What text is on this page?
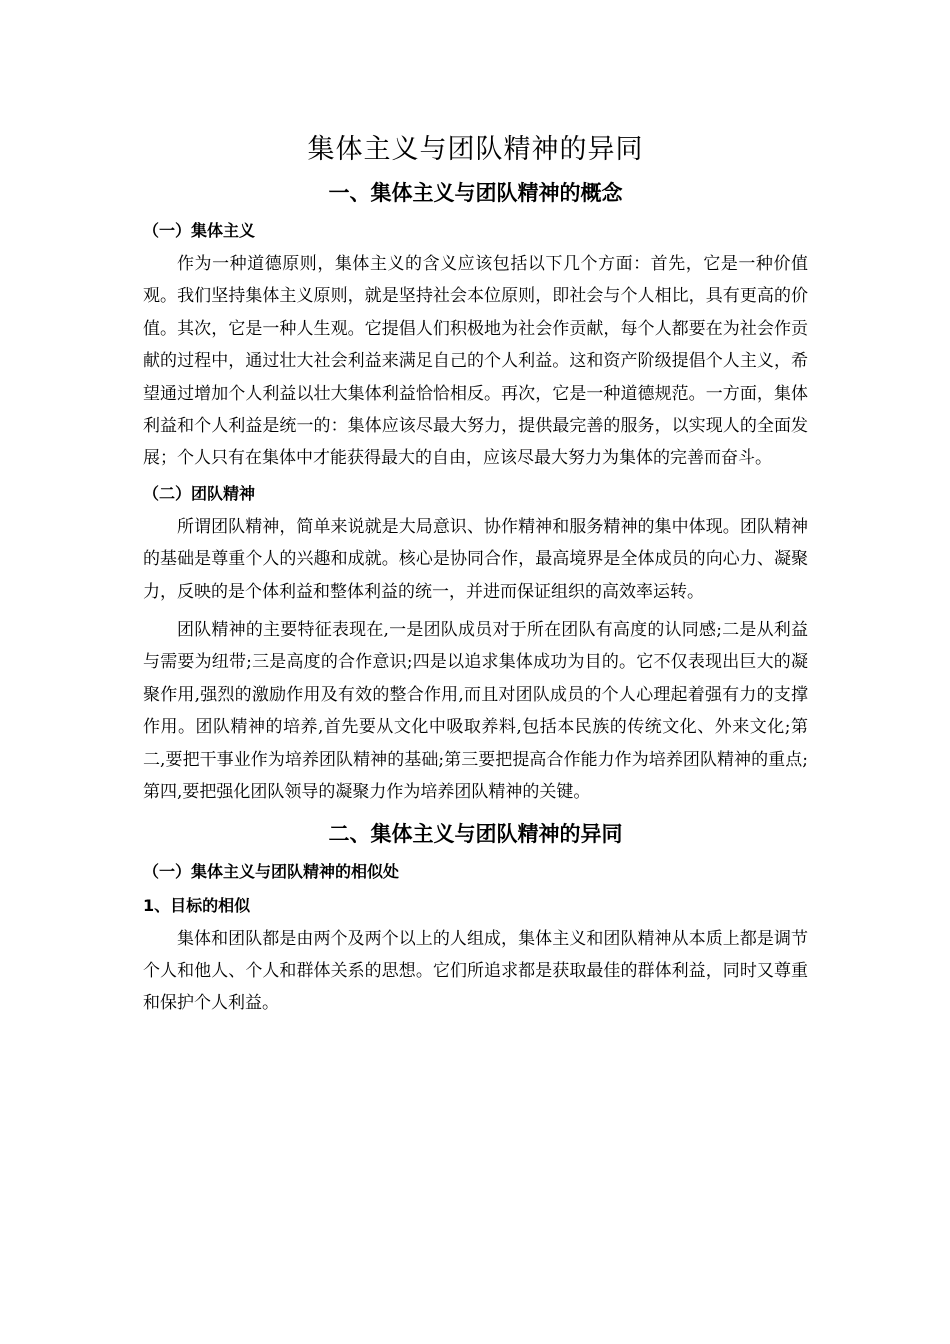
集体主义与团队精神的异同
一、集体主义与团队精神的概念
（一）集体主义

作为一种道德原则，集体主义的含义应该包括以下几个方面：首先，它是一种价值观。我们坚持集体主义原则，就是坚持社会本位原则，即社会与个人相比，具有更高的价值。其次，它是一种人生观。它提倡人们积极地为社会作贡献，每个人都要在为社会作贡献的过程中，通过壮大社会利益来满足自己的个人利益。这和资产阶级提倡个人主义，希望通过增加个人利益以壮大集体利益恰恰相反。再次，它是一种道德规范。一方面，集体利益和个人利益是统一的：集体应该尽最大努力，提供最完善的服务，以实现人的全面发展；个人只有在集体中才能获得最大的自由，应该尽最大努力为集体的完善而奋斗。

（二）团队精神

所谓团队精神，简单来说就是大局意识、协作精神和服务精神的集中体现。团队精神的基础是尊重个人的兴趣和成就。核心是协同合作，最高境界是全体成员的向心力、凝聚力，反映的是个体利益和整体利益的统一，并进而保证组织的高效率运转。

团队精神的主要特征表现在,一是团队成员对于所在团队有高度的认同感;二是从利益与需要为纽带;三是高度的合作意识;四是以追求集体成功为目的。它不仅表现出巨大的凝聚作用,强烈的激励作用及有效的整合作用,而且对团队成员的个人心理起着强有力的支撑作用。团队精神的培养,首先要从文化中吸取养料,包括本民族的传统文化、外来文化;第二,要把干事业作为培养团队精神的基础;第三要把提高合作能力作为培养团队精神的重点;第四,要把强化团队领导的凝聚力作为培养团队精神的关键。

二、集体主义与团队精神的异同
（一）集体主义与团队精神的相似处
1、目标的相似

集体和团队都是由两个及两个以上的人组成，集体主义和团队精神从本质上都是调节个人和他人、个人和群体关系的思想。它们所追求都是获取最佳的群体利益，同时又尊重和保护个人利益。
